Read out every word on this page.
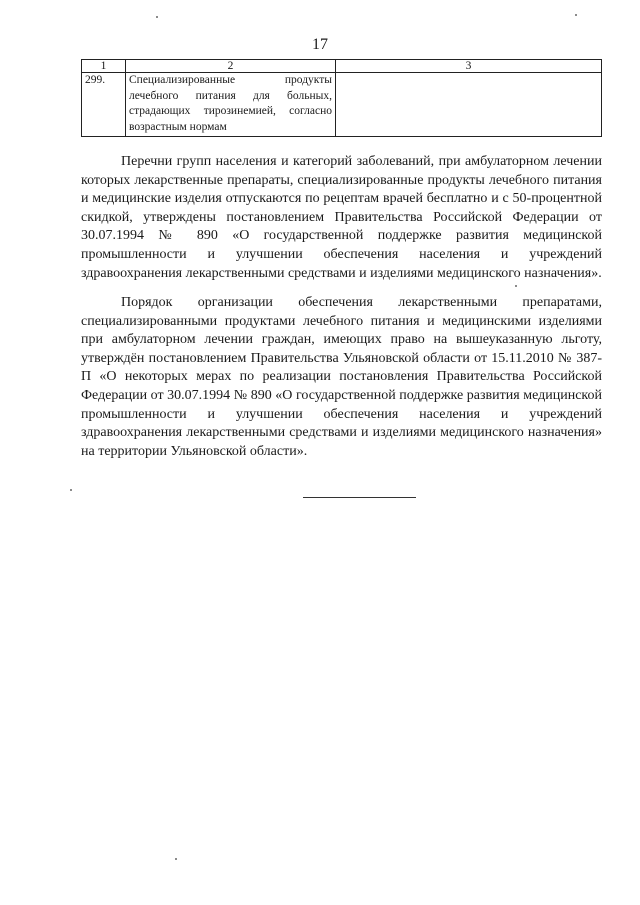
17
1	2	3
299.	Специализированные продукты лечебного питания для больных, страдающих тирозинемией, согласно возрастным нормам	

Перечни групп населения и категорий заболеваний, при амбулаторном лечении которых лекарственные препараты, специализированные продукты лечебного питания и медицинские изделия отпускаются по рецептам врачей бесплатно и с 50-процентной скидкой, утверждены постановлением Правительства Российской Федерации от 30.07.1994 № 890 «О государственной поддержке развития медицинской промышленности и улучшении обеспечения населения и учреждений здравоохранения лекарственными средствами и изделиями медицинского назначения».

Порядок организации обеспечения лекарственными препаратами, специализированными продуктами лечебного питания и медицинскими изделиями при амбулаторном лечении граждан, имеющих право на вышеуказанную льготу, утверждён постановлением Правительства Ульяновской области от 15.11.2010 № 387-П «О некоторых мерах по реализации постановления Правительства Российской Федерации от 30.07.1994 № 890 «О государственной поддержке развития медицинской промышленности и улучшении обеспечения населения и учреждений здравоохранения лекарственными средствами и изделиями медицинского назначения» на территории Ульяновской области».
